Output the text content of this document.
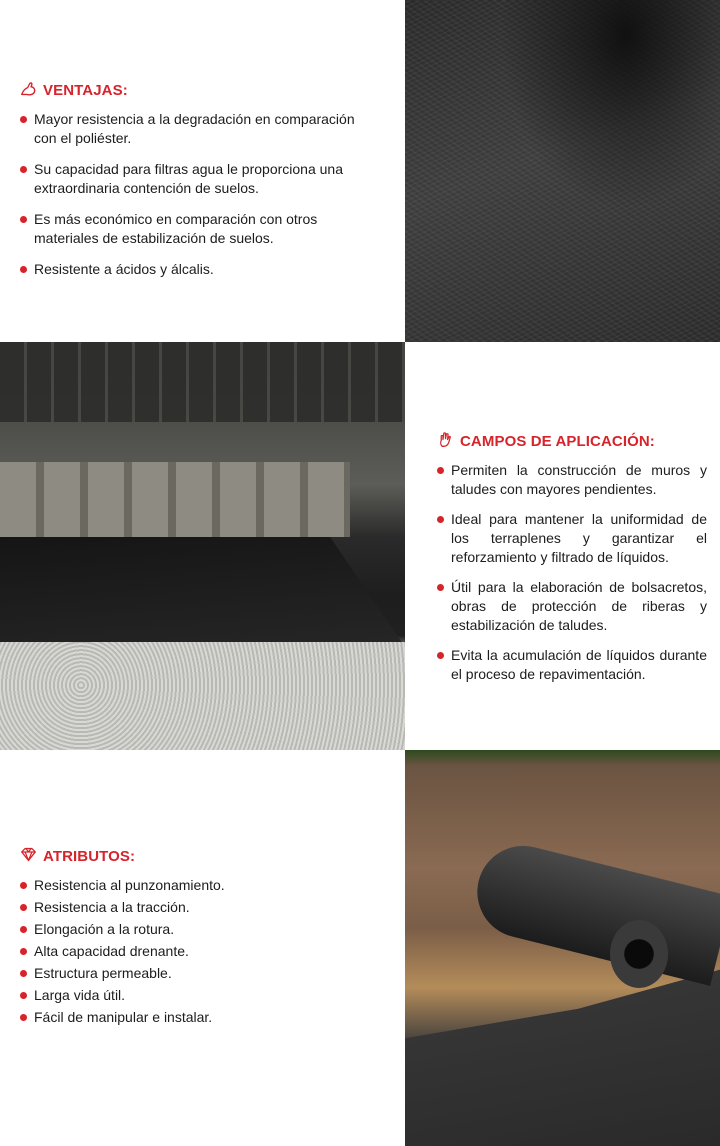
VENTAJAS:
Mayor resistencia a la degradación en comparación con el poliéster.
Su capacidad para filtras agua le proporciona una extraordinaria contención de suelos.
Es más económico en comparación con otros materiales de estabilización de suelos.
Resistente a ácidos y álcalis.
CAMPOS DE APLICACIÓN:
Permiten la construcción de muros y taludes con mayores pendientes.
Ideal para mantener la uniformidad de los terraplenes y garantizar el reforzamiento y filtrado de líquidos.
Útil para la elaboración de bolsacretos, obras de protección de riberas y estabilización de taludes.
Evita la acumulación de líquidos durante el proceso de repavimentación.
ATRIBUTOS:
Resistencia al punzonamiento.
Resistencia a la tracción.
Elongación a la rotura.
Alta capacidad drenante.
Estructura permeable.
Larga vida útil.
Fácil de manipular e instalar.
